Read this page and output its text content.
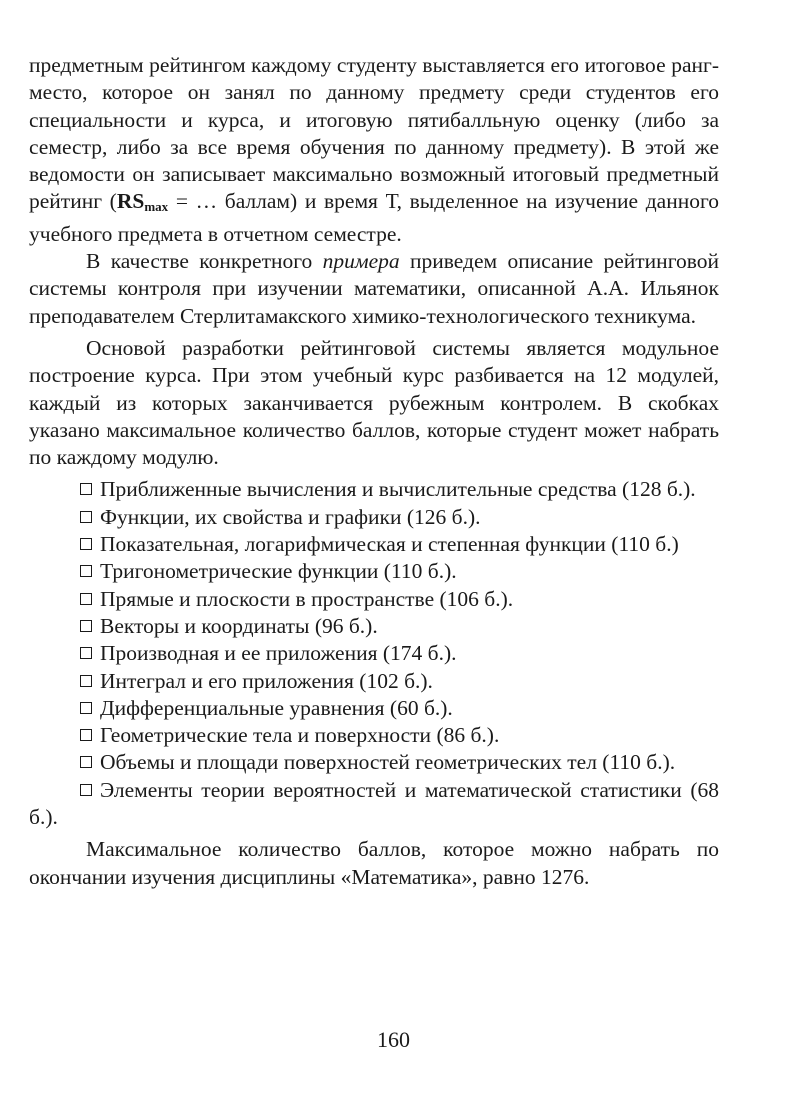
предметным рейтингом каждому студенту выставляется его итоговое ранг-место, которое он занял по данному предмету среди студентов его специальности и курса, и итоговую пятибалльную оценку (либо за семестр, либо за все время обучения по данному предмету). В этой же ведомости он записывает максимально возможный итоговый предметный рейтинг ($RS_{max}$ = … баллам) и время Т, выделенное на изучение данного учебного предмета в отчетном семестре.

В качестве конкретного примера приведем описание рейтинговой системы контроля при изучении математики, описанной А.А. Ильянок преподавателем Стерлитамакского химико-технологического техникума.

Основой разработки рейтинговой системы является модульное построение курса. При этом учебный курс разбивается на 12 модулей, каждый из которых заканчивается рубежным контролем. В скобках указано максимальное количество баллов, которые студент может набрать по каждому модулю.

Приближенные вычисления и вычислительные средства (128 б.).

Функции, их свойства и графики (126 б.).

Показательная, логарифмическая и степенная функции (110 б.)

Тригонометрические функции (110 б.).

Прямые и плоскости в пространстве (106 б.).

Векторы и координаты (96 б.).

Производная и ее приложения (174 б.).

Интеграл и его приложения (102 б.).

Дифференциальные уравнения (60 б.).

Геометрические тела и поверхности (86 б.).

Объемы и площади поверхностей геометрических тел (110 б.).

Элементы теории вероятностей и математической статистики (68 б.).

Максимальное количество баллов, которое можно набрать по окончании изучения дисциплины «Математика», равно 1276.

160
